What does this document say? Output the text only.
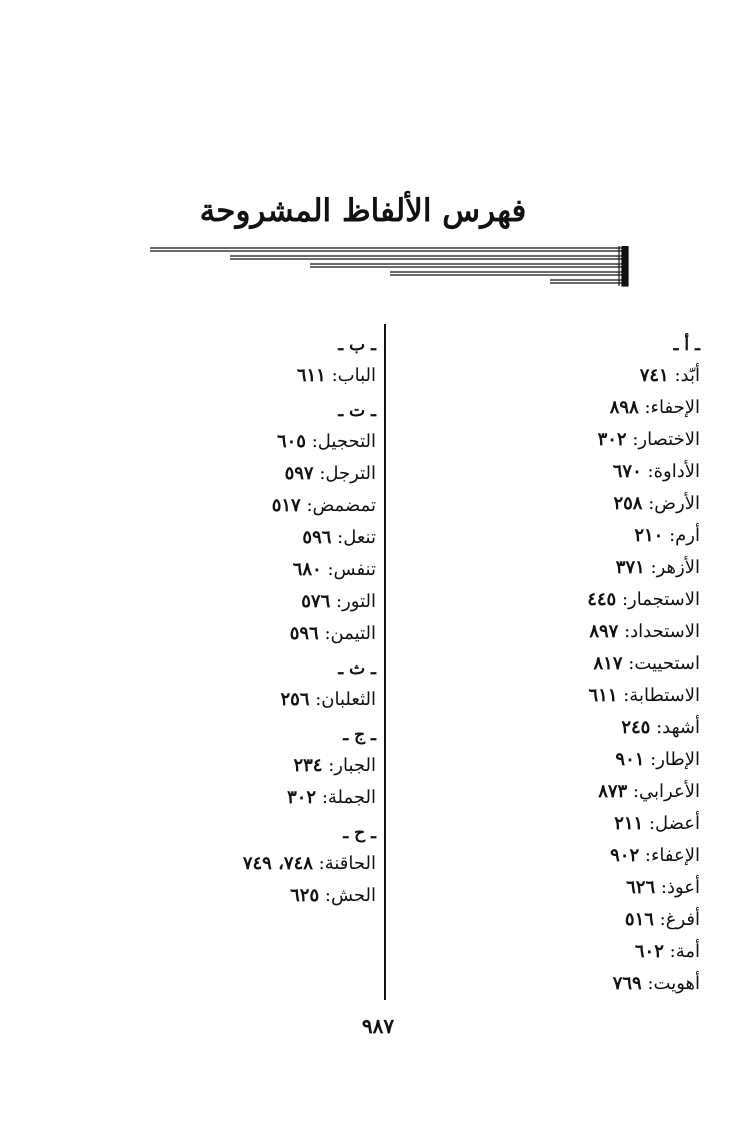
فهرس الألفاظ المشروحة
ـ أ ـ
أبّد: ٧٤١
الإحفاء: ٨٩٨
الاختصار: ٣٠٢
الأداوة: ٦٧٠
الأرض: ٢٥٨
أرم: ٢١٠
الأزهر: ٣٧١
الاستجمار: ٤٤٥
الاستحداد: ٨٩٧
استحييت: ٨١٧
الاستطابة: ٦١١
أشهد: ٢٤٥
الإطار: ٩٠١
الأعرابي: ٨٧٣
أعضل: ٢١١
الإعفاء: ٩٠٢
أعوذ: ٦٢٦
أفرغ: ٥١٦
أمة: ٦٠٢
أهويت: ٧٦٩
ـ ب ـ
الباب: ٦١١
ـ ت ـ
التحجيل: ٦٠٥
الترجل: ٥٩٧
تمضمض: ٥١٧
تنعل: ٥٩٦
تنفس: ٦٨٠
التور: ٥٧٦
التيمن: ٥٩٦
ـ ث ـ
الثعلبان: ٢٥٦
ـ ج ـ
الجبار: ٢٣٤
الجملة: ٣٠٢
ـ ح ـ
الحاقنة: ٧٤٨، ٧٤٩
الحش: ٦٢٥
٩٨٧
